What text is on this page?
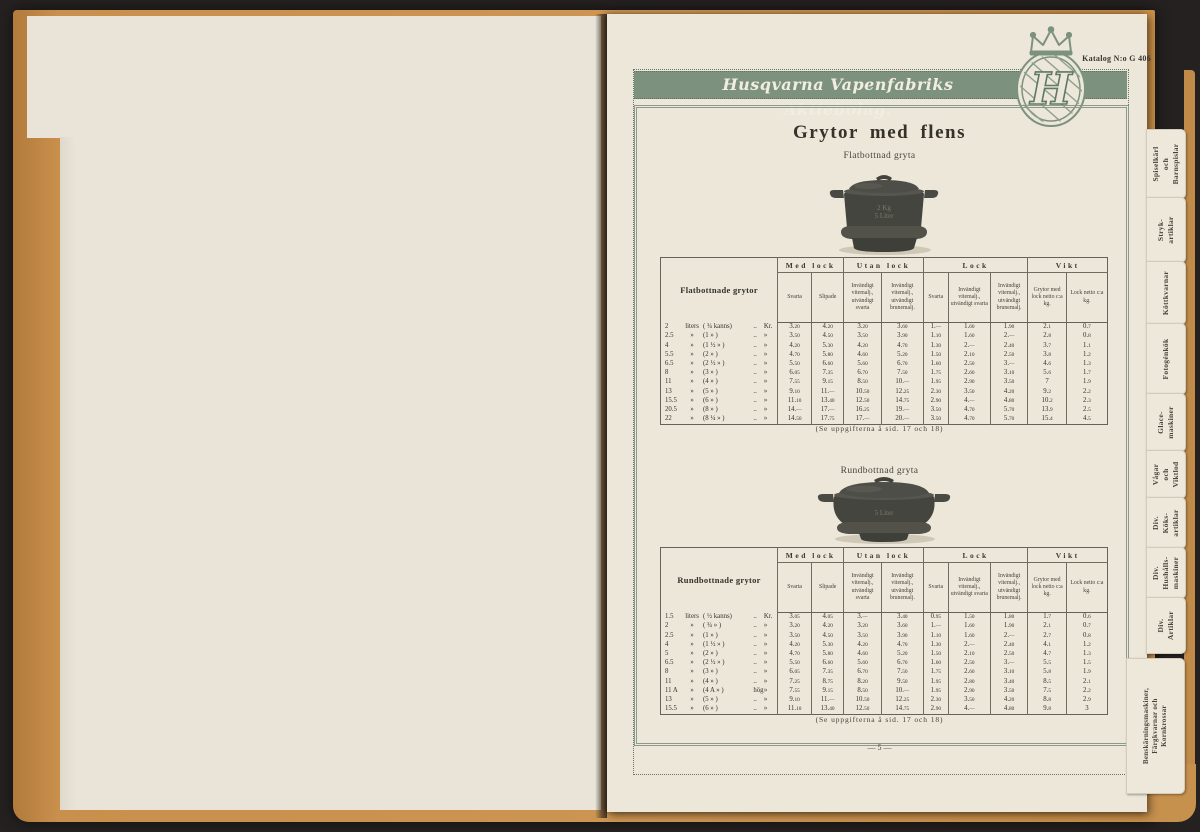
Katalog N:o G 406
Husqvarna Vapenfabriks Aktiebolag.	H
Grytor med flens
Flatbottnad gryta
2 Kg
5 Liter
Flatbottnade grytor	Med lock		Utan lock		Lock			Vikt	
	Svarta	Slipade	Invändigt vitemalj., utvändigt svarta	Invändigt vitemalj., utvändigt brunemalj.	Svarta	Invändigt vitemalj., utvändigt svarta	Invändigt vitemalj., utvändigt brunemalj.	Grytor med lock netto c:a kg.	Lock netto c:a kg.

2 liters ( ¾ kanns) .. Kr.	3.20	4.20	3.20	3.60	1.—	1.60	1.90	2.1	0.7

2.5 » (1 » ) .. »	3.50	4.50	3.50	3.90	1.10	1.60	2.—	2.8	0.8

4 » (1 ½ » ) .. »	4.20	5.30	4.20	4.70	1.30	2.—	2.40	3.7	1.1

5.5 » (2 » ) .. »	4.70	5.80	4.60	5.20	1.50	2.10	2.50	3.8	1.2

6.5 » (2 ½ » ) .. »	5.50	6.60	5.60	6.70	1.60	2.50	3.—	4.6	1.3

8 » (3 » ) .. »	6.05	7.35	6.70	7.50	1.75	2.60	3.10	5.6	1.7

11 » (4 » ) .. »	7.55	9.15	8.50	10.—	1.95	2.90	3.50	7	1.9

13 » (5 » ) .. »	9.10	11.—	10.50	12.25	2.30	3.50	4.20	9.2	2.2

15.5 » (6 » ) .. »	11.10	13.40	12.50	14.75	2.90	4.—	4.80	10.2	2.3

20.5 » (8 » ) .. »	14.—	17.—	16.25	19.—	3.50	4.70	5.70	13.9	2.5

22 » (8 ¼ » ) .. »	14.50	17.75	17.—	20.—	3.50	4.70	5.70	15.4	4.5
(Se uppgifterna å sid. 17 och 18)
Rundbottnad gryta
5 Liter
Rundbottnade grytor	Med lock		Utan lock		Lock			Vikt	
	Svarta	Slipade	Invändigt vitemalj., utvändigt svarta	Invändigt vitemalj., utvändigt brunemalj.	Svarta	Invändigt vitemalj., utvändigt svarta	Invändigt vitemalj., utvändigt brunemalj.	Grytor med lock netto c:a kg.	Lock netto c:a kg.

1.5 liters ( ½ kanns) .. Kr.	3.05	4.05	3.—	3.40	0.95	1.50	1.80	1.7	0.6

2 » ( ¾ » ) .. »	3.20	4.20	3.20	3.60	1.—	1.60	1.90	2.1	0.7

2.5 » (1 » ) .. »	3.50	4.50	3.50	3.90	1.10	1.60	2.—	2.7	0.8

4 » (1 ½ » ) .. »	4.20	5.30	4.20	4.70	1.30	2.—	2.40	4.1	1.2

5 » (2 » ) .. »	4.70	5.80	4.60	5.20	1.50	2.10	2.50	4.7	1.3

6.5 » (2 ½ » ) .. »	5.50	6.60	5.60	6.70	1.60	2.50	3.—	5.5	1.5

8 » (3 » ) .. »	6.05	7.35	6.70	7.50	1.75	2.60	3.10	5.8	1.9

11 » (4 » ) .. »	7.25	8.75	8.20	9.50	1.95	2.80	3.40	8.5	2.1

11 A » (4 A » ) hög »	7.55	9.15	8.50	10.—	1.95	2.90	3.50	7.5	2.2

13 » (5 » ) .. »	9.10	11.—	10.50	12.25	2.30	3.50	4.20	8.8	2.9

15.5 » (6 » ) .. »	11.10	13.40	12.50	14.75	2.90	4.—	4.80	9.8	3
(Se uppgifterna å sid. 17 och 18)
— 5 —
Spiselkärl och Barnspislar
Stryk- artiklar
Köttkvarnar
Fotogénkök
Glace- maskiner
Vågar och Viktlod
Div. Köks- artiklar
Div. Hushålls- maskiner
Div. Artiklar
Benskärningsmaskiner, Färgkvarnar och Kornkrossar
